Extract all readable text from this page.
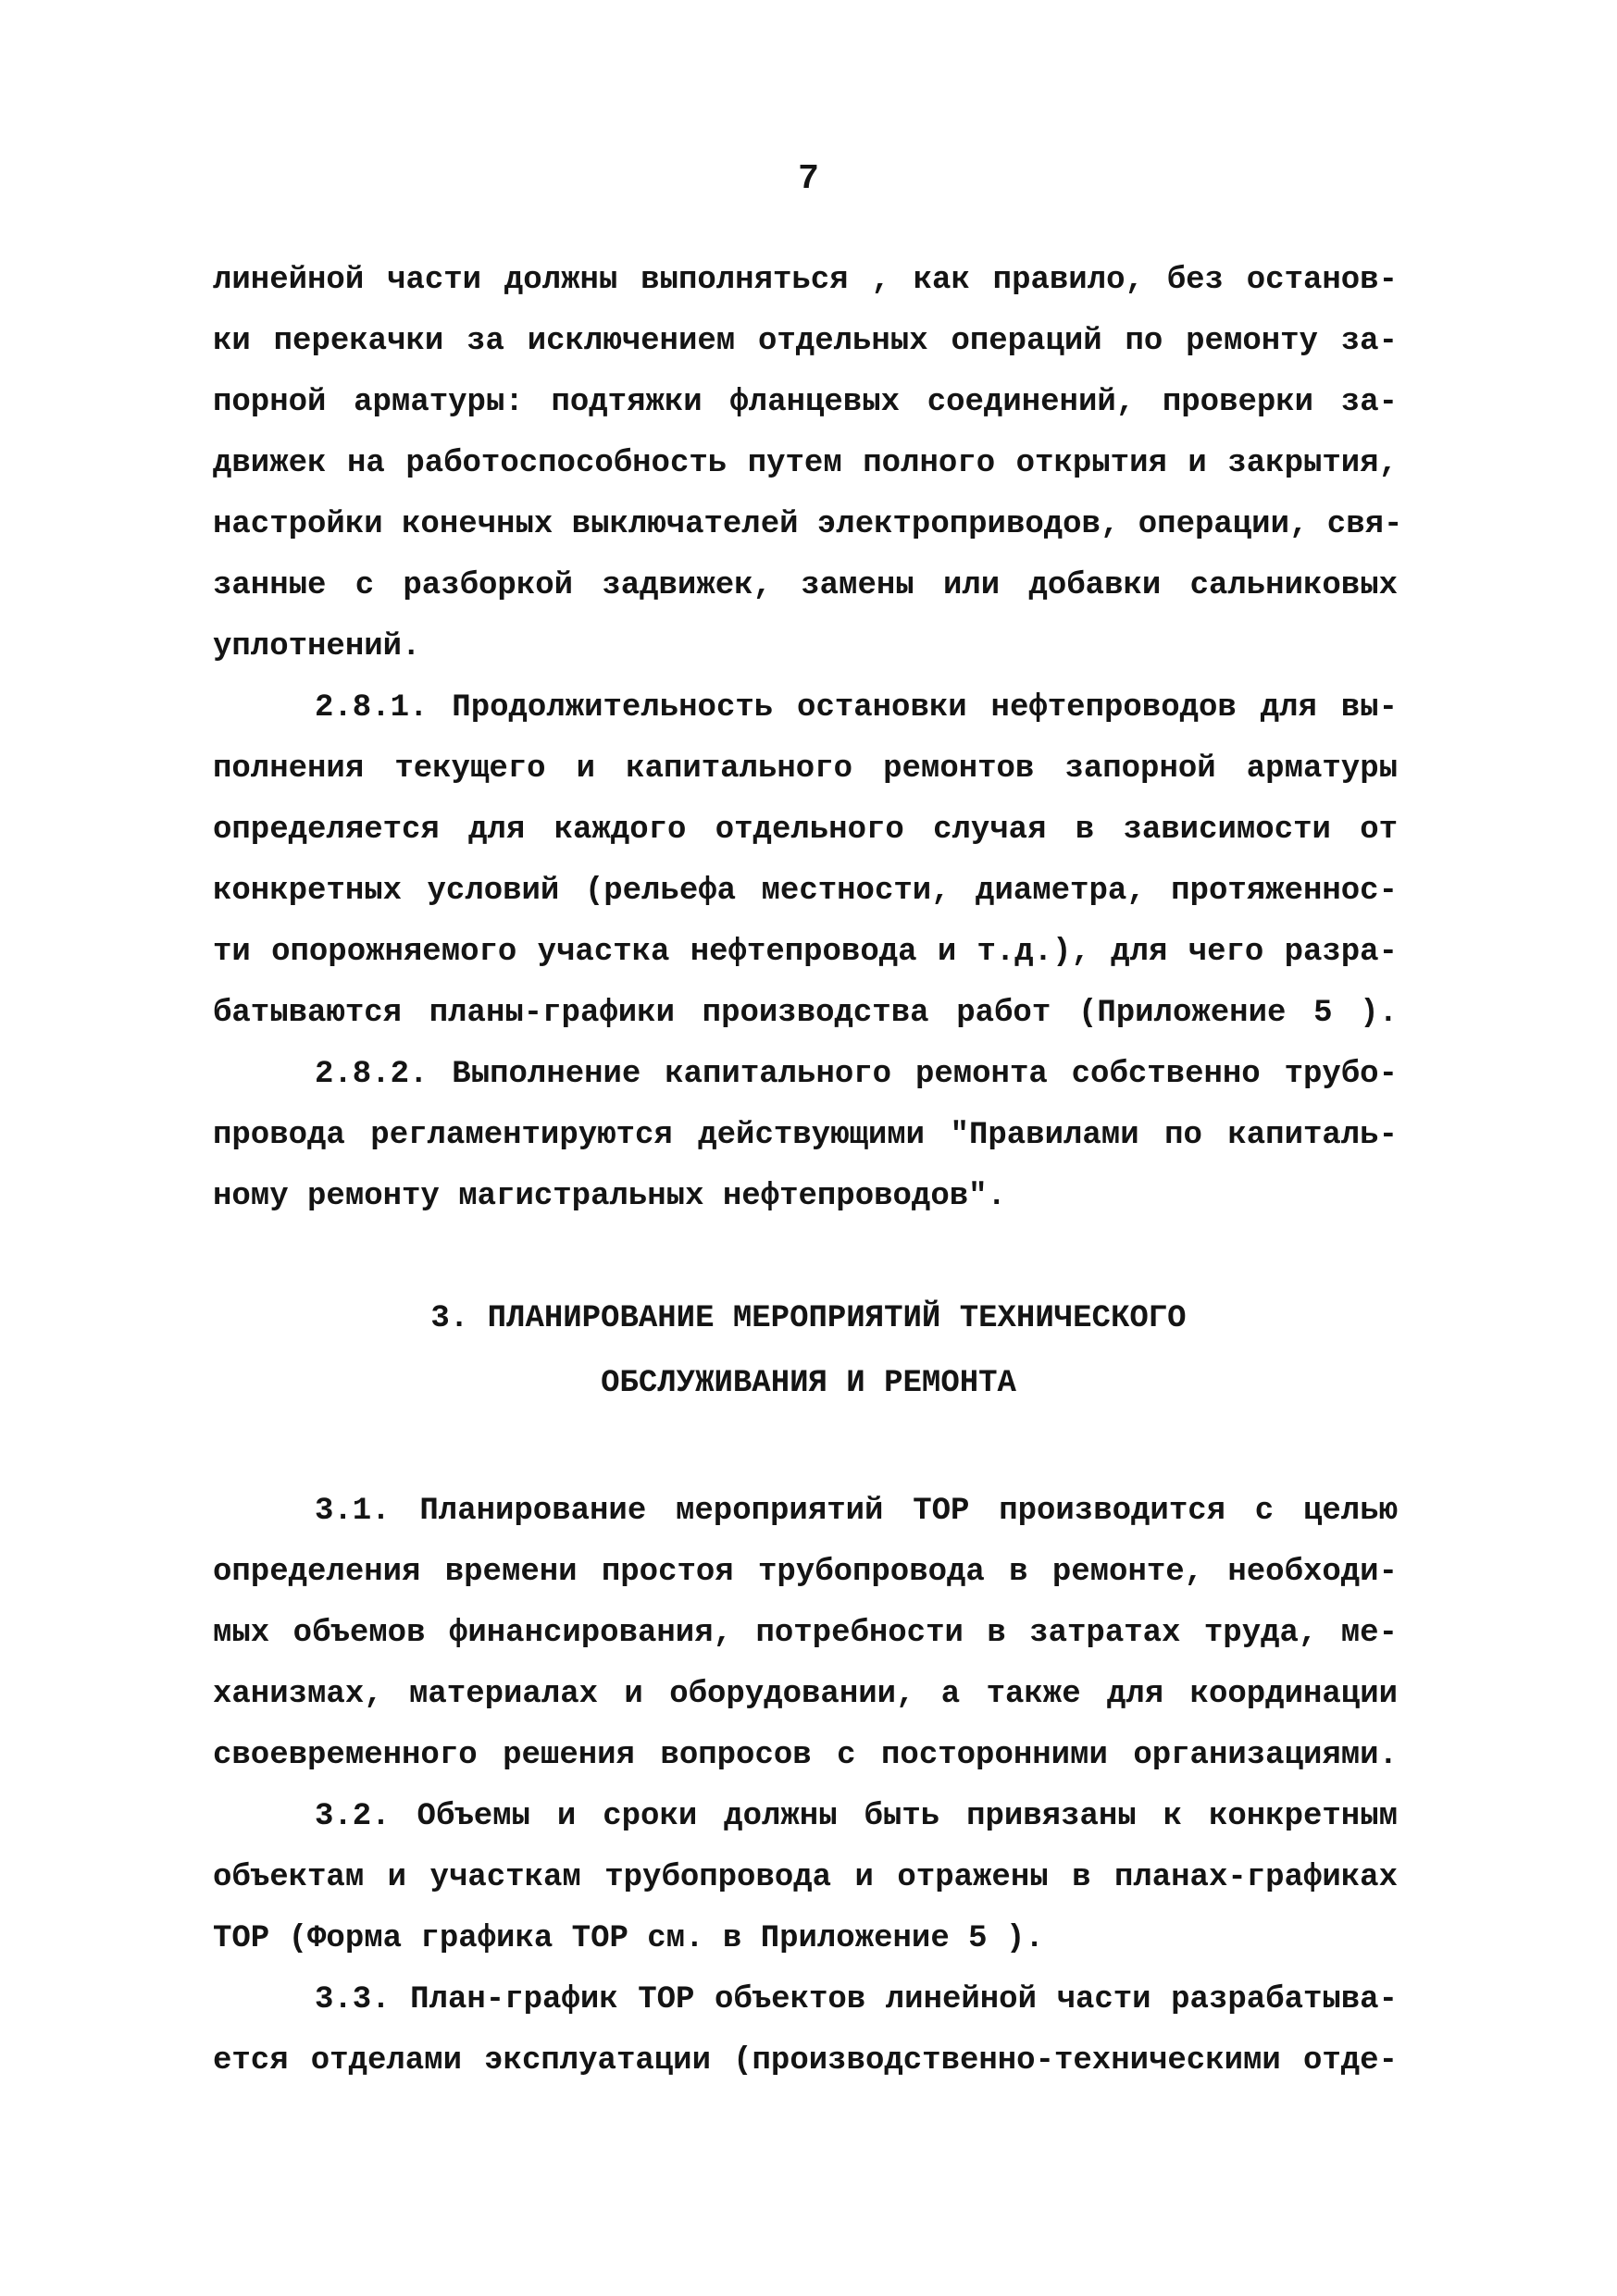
7
линейной части должны выполняться , как правило, без останов-
ки перекачки за исключением отдельных операций по ремонту за-
порной арматуры: подтяжки фланцевых соединений, проверки за-
движек на работоспособность путем полного открытия и закрытия,
настройки конечных выключателей электроприводов, операции, свя-
занные с разборкой задвижек, замены или добавки сальниковых
уплотнений.
2.8.1. Продолжительность остановки нефтепроводов для вы-
полнения текущего и капитального ремонтов запорной арматуры
определяется для каждого отдельного случая в зависимости от
конкретных условий (рельефа местности, диаметра, протяженнос-
ти опорожняемого участка нефтепровода и т.д.), для чего разра-
батываются планы-графики производства работ (Приложение 5 ).
2.8.2. Выполнение капитального ремонта собственно трубо-
провода регламентируются действующими "Правилами по капиталь-
ному ремонту магистральных нефтепроводов".
3. ПЛАНИРОВАНИЕ МЕРОПРИЯТИЙ ТЕХНИЧЕСКОГО
ОБСЛУЖИВАНИЯ И РЕМОНТА
3.1. Планирование мероприятий ТОР производится с целью
определения времени простоя трубопровода в ремонте, необходи-
мых объемов финансирования, потребности в затратах труда, ме-
ханизмах, материалах и оборудовании, а также для координации
своевременного решения вопросов с посторонними организациями.
3.2. Объемы и сроки должны быть привязаны к конкретным
объектам и участкам трубопровода и отражены в планах-графиках
ТОР (Форма графика ТОР см. в Приложение 5 ).
3.3. План-график ТОР объектов линейной части разрабатыва-
ется отделами эксплуатации (производственно-техническими отде-
